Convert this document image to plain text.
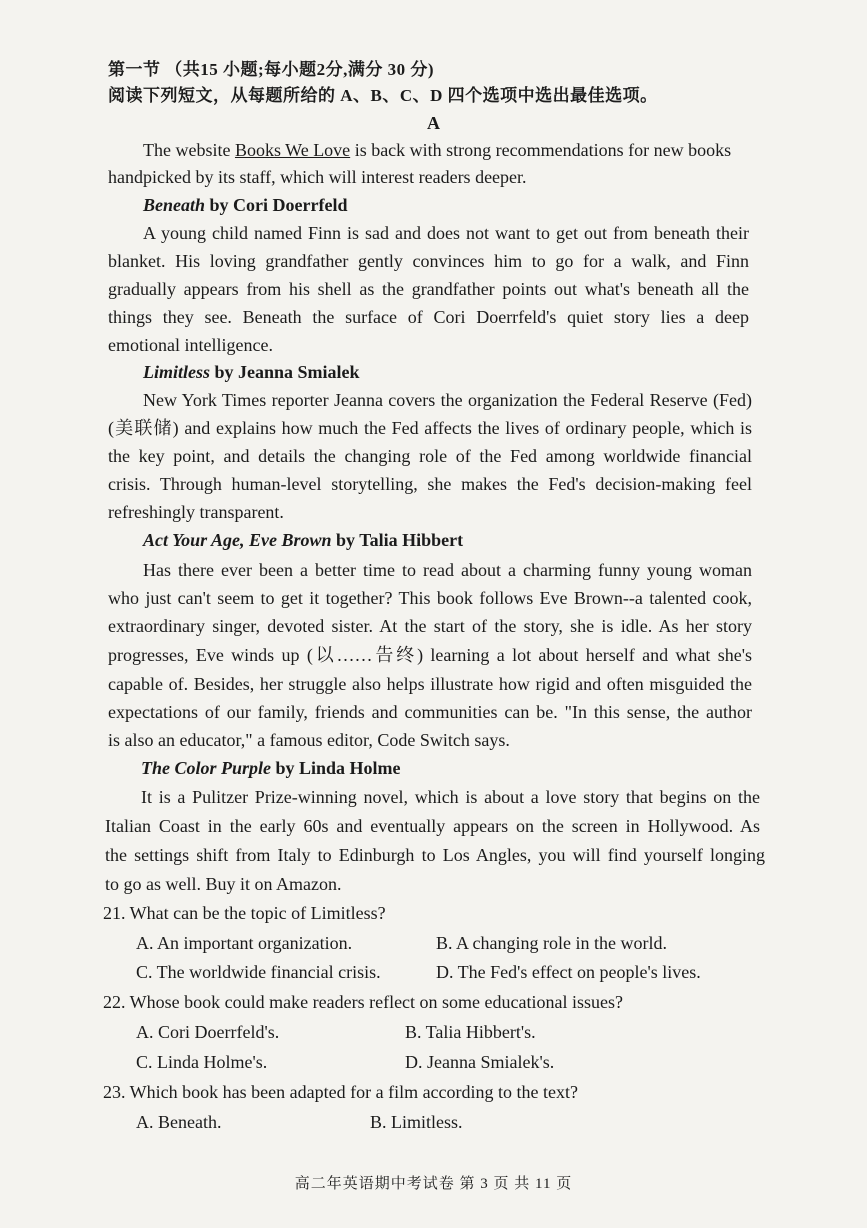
第一节 （共15 小题;每小题2分,满分 30 分)
阅读下列短文，从每题所给的 A、B、C、D 四个选项中选出最佳选项。
A
The website Books We Love is back with strong recommendations for new books
handpicked by its staff, which will interest readers deeper.
Beneath by Cori Doerrfeld
A young child named Finn is sad and does not want to get out from beneath their
blanket. His loving grandfather gently convinces him to go for a walk, and Finn
gradually appears from his shell as the grandfather points out what's beneath all the
things they see. Beneath the surface of Cori Doerrfeld's quiet story lies a deep
emotional intelligence.
Limitless by Jeanna Smialek
New York Times reporter Jeanna covers the organization the Federal Reserve (Fed)
(美联储) and explains how much the Fed affects the lives of ordinary people, which is
the key point, and details the changing role of the Fed among worldwide financial
crisis. Through human-level storytelling, she makes the Fed's decision-making feel
refreshingly transparent.
Act Your Age, Eve Brown by Talia Hibbert
Has there ever been a better time to read about a charming funny young woman
who just can't seem to get it together? This book follows Eve Brown--a talented cook,
extraordinary singer, devoted sister. At the start of the story, she is idle. As her story
progresses, Eve winds up (以……告终) learning a lot about herself and what she's
capable of. Besides, her struggle also helps illustrate how rigid and often misguided the
expectations of our family, friends and communities can be. "In this sense, the author
is also an educator," a famous editor, Code Switch says.
The Color Purple by Linda Holme
It is a Pulitzer Prize-winning novel, which is about a love story that begins on the
Italian Coast in the early 60s and eventually appears on the screen in Hollywood. As
the settings shift from Italy to Edinburgh to Los Angles, you will find yourself longing
to go as well. Buy it on Amazon.
21. What can be the topic of Limitless?
A. An important organization.	B. A changing role in the world.
C. The worldwide financial crisis.	D. The Fed's effect on people's lives.
22. Whose book could make readers reflect on some educational issues?
A. Cori Doerrfeld's.	B. Talia Hibbert's.
C. Linda Holme's.	D. Jeanna Smialek's.
23. Which book has been adapted for a film according to the text?
A. Beneath.	B. Limitless.
高二年英语期中考试卷 第 3 页 共 11 页
